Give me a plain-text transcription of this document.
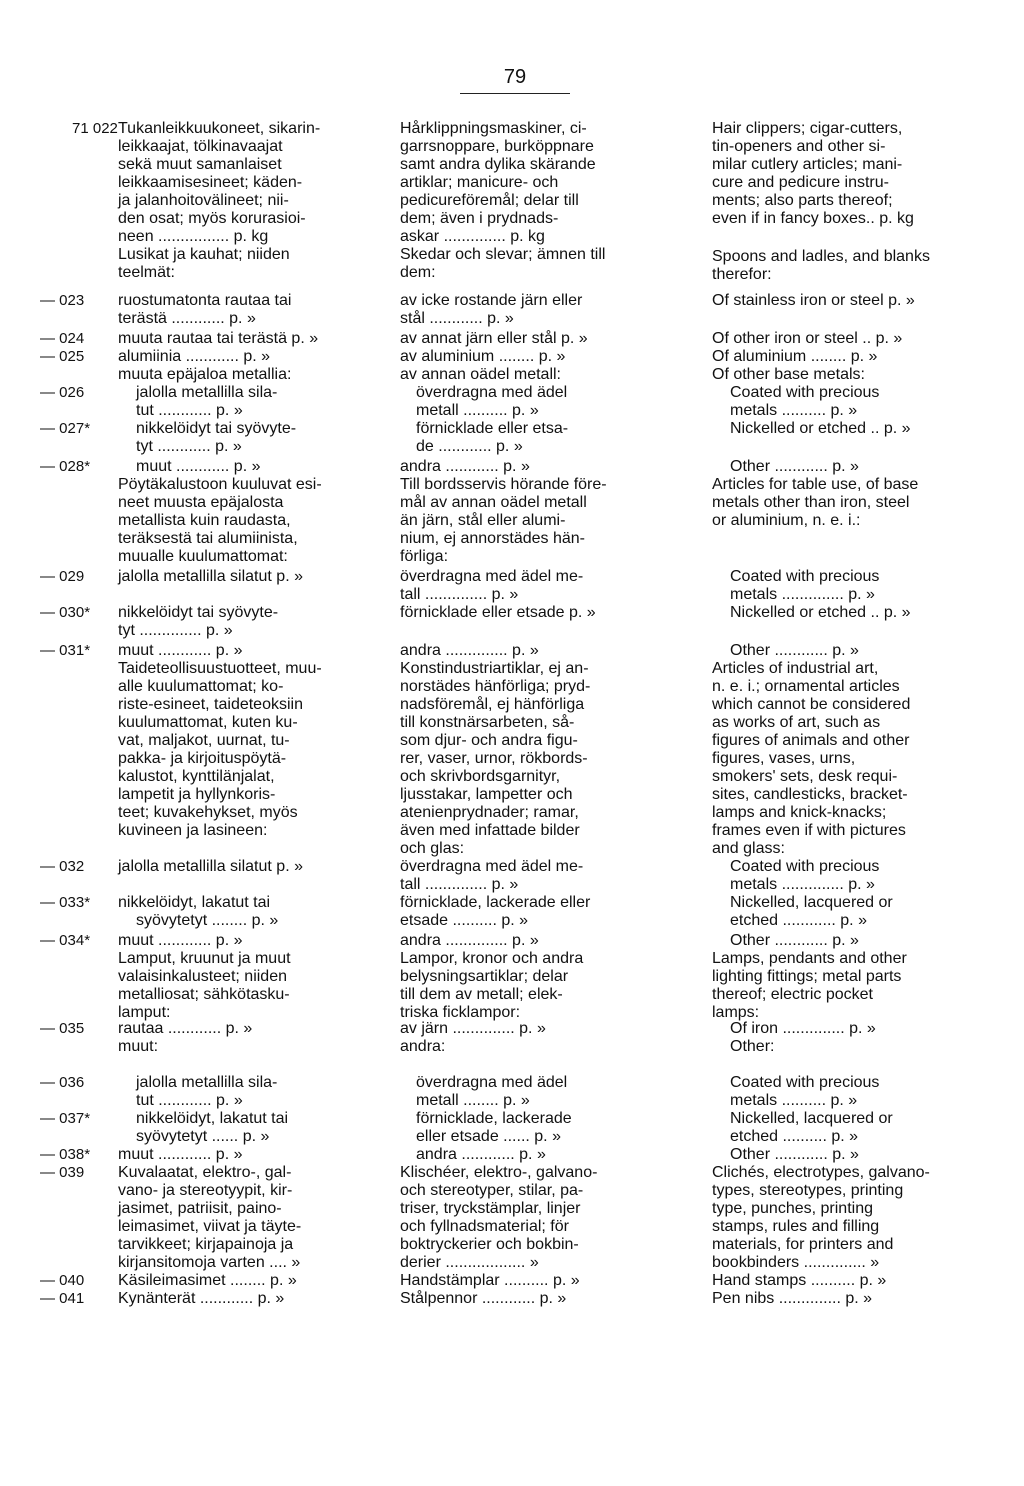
79
71 022
— 023
— 024
— 025
— 026
— 027*
— 028*
— 029
— 030*
— 031*
— 032
— 033*
— 034*
— 035
— 036
— 037*
— 038*
— 039
— 040
— 041
Tukanleikkuukoneet, sikarin-
leikkaajat, tölkinavaajat
sekä muut samanlaiset
leikkaamisesineet; käden-
ja jalanhoitovälineet; nii-
den osat; myös korurasioi-
neen ................ p. kg
Lusikat ja kauhat; niiden
teelmät:
ruostumatonta rautaa tai
terästä ............ p. »
muuta rautaa tai terästä p. »
alumiinia ............ p. »
muuta epäjaloa metallia:
jalolla metallilla sila-
tut ............ p. »
nikkelöidyt tai syövyte-
tyt ............ p. »
muut ............ p. »
Pöytäkalustoon kuuluvat esi-
neet muusta epäjalosta
metallista kuin raudasta,
teräksestä tai alumiinista,
muualle kuulumattomat:
jalolla metallilla silatut p. »
nikkelöidyt tai syövyte-
tyt .............. p. »
muut ............ p. »
Taideteollisuustuotteet, muu-
alle kuulumattomat; ko-
riste-esineet, taideteoksiin
kuulumattomat, kuten ku-
vat, maljakot, uurnat, tu-
pakka- ja kirjoituspöytä-
kalustot, kynttilänjalat,
lampetit ja hyllynkoris-
teet; kuvakehykset, myös
kuvineen ja lasineen:
jalolla metallilla silatut p. »
nikkelöidyt, lakatut tai
syövytetyt ........ p. »
muut ............ p. »
Lamput, kruunut ja muut
valaisinkalusteet; niiden
metalliosat; sähkötasku-
lamput:
rautaa ............ p. »
muut:
jalolla metallilla sila-
tut ............ p. »
nikkelöidyt, lakatut tai
syövytetyt ...... p. »
muut ............ p. »
Kuvalaatat, elektro-, gal-
vano- ja stereotyypit, kir-
jasimet, patriisit, paino-
leimasimet, viivat ja täyte-
tarvikkeet; kirjapainoja ja
kirjansitomoja varten .... »
Käsileimasimet ........ p. »
Kynänterät ............ p. »
Hårklippningsmaskiner, ci-
garrsnoppare, burköppnare
samt andra dylika skärande
artiklar; manicure- och
pedicureföremål; delar till
dem; även i prydnads-
askar .............. p. kg
Skedar och slevar; ämnen till
dem:
av icke rostande järn eller
stål ............ p. »
av annat järn eller stål p. »
av aluminium ........ p. »
av annan oädel metall:
överdragna med ädel
metall .......... p. »
förnicklade eller etsa-
de ............ p. »
andra ............ p. »
Till bordsservis hörande före-
mål av annan oädel metall
än järn, stål eller alumi-
nium, ej annorstädes hän-
förliga:
överdragna med ädel me-
tall .............. p. »
förnicklade eller etsade p. »
andra .............. p. »
Konstindustriartiklar, ej an-
norstädes hänförliga; pryd-
nadsföremål, ej hänförliga
till konstnärsarbeten, så-
som djur- och andra figu-
rer, vaser, urnor, rökbords-
och skrivbordsgarnityr,
ljusstakar, lampetter och
atenienprydnader; ramar,
även med infattade bilder
och glas:
överdragna med ädel me-
tall .............. p. »
förnicklade, lackerade eller
etsade .......... p. »
andra .............. p. »
Lampor, kronor och andra
belysningsartiklar; delar
till dem av metall; elek-
triska ficklampor:
av järn .............. p. »
andra:
överdragna med ädel
metall ........ p. »
förnicklade, lackerade
eller etsade ...... p. »
andra ............ p. »
Klischéer, elektro-, galvano-
och stereotyper, stilar, pa-
triser, tryckstämplar, linjer
och fyllnadsmaterial; för
boktryckerier och bokbin-
derier .................. »
Handstämplar .......... p. »
Stålpennor ............ p. »
Hair clippers; cigar-cutters,
tin-openers and other si-
milar cutlery articles; mani-
cure and pedicure instru-
ments; also parts thereof;
even if in fancy boxes.. p. kg
Spoons and ladles, and blanks
therefor:
Of stainless iron or steel p. »
Of other iron or steel .. p. »
Of aluminium ........ p. »
Of other base metals:
Coated with precious
metals .......... p. »
Nickelled or etched .. p. »
Other ............ p. »
Articles for table use, of base
metals other than iron, steel
or aluminium, n. e. i.:
Coated with precious
metals .............. p. »
Nickelled or etched .. p. »
Other ............ p. »
Articles of industrial art,
n. e. i.; ornamental articles
which cannot be considered
as works of art, such as
figures of animals and other
figures, vases, urns,
smokers' sets, desk requi-
sites, candlesticks, bracket-
lamps and knick-knacks;
frames even if with pictures
and glass:
Coated with precious
metals .............. p. »
Nickelled, lacquered or
etched ............ p. »
Other ............ p. »
Lamps, pendants and other
lighting fittings; metal parts
thereof; electric pocket
lamps:
Of iron .............. p. »
Other:
Coated with precious
metals .......... p. »
Nickelled, lacquered or
etched .......... p. »
Other ............ p. »
Clichés, electrotypes, galvano-
types, stereotypes, printing
type, punches, printing
stamps, rules and filling
materials, for printers and
bookbinders .............. »
Hand stamps .......... p. »
Pen nibs .............. p. »
